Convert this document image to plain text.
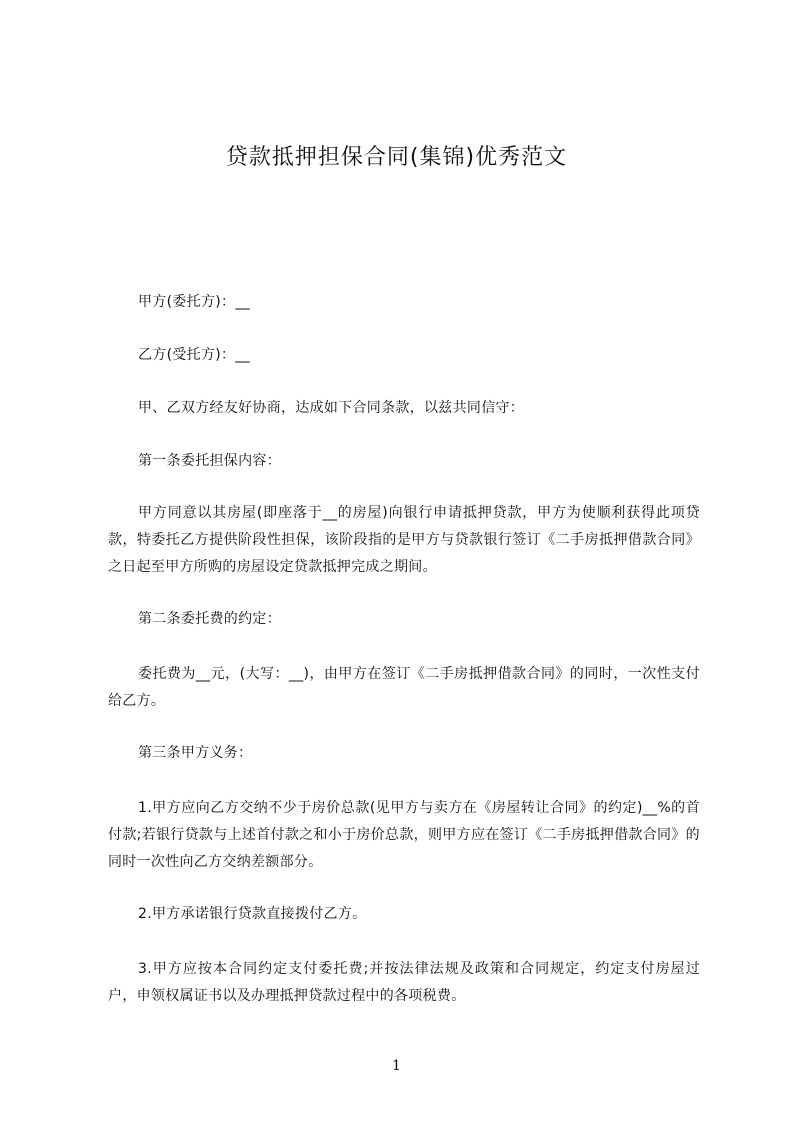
贷款抵押担保合同(集锦)优秀范文
甲方(委托方)：__
乙方(受托方)：__
甲、乙双方经友好协商，达成如下合同条款，以兹共同信守：
第一条委托担保内容：
甲方同意以其房屋(即座落于__的房屋)向银行申请抵押贷款，甲方为使顺利获得此项贷款，特委托乙方提供阶段性担保，该阶段指的是甲方与贷款银行签订《二手房抵押借款合同》之日起至甲方所购的房屋设定贷款抵押完成之期间。
第二条委托费的约定：
委托费为__元，(大写：__)，由甲方在签订《二手房抵押借款合同》的同时，一次性支付给乙方。
第三条甲方义务：
1.甲方应向乙方交纳不少于房价总款(见甲方与卖方在《房屋转让合同》的约定)__%的首付款;若银行贷款与上述首付款之和小于房价总款，则甲方应在签订《二手房抵押借款合同》的同时一次性向乙方交纳差额部分。
2.甲方承诺银行贷款直接拨付乙方。
3.甲方应按本合同约定支付委托费;并按法律法规及政策和合同规定，约定支付房屋过户，申领权属证书以及办理抵押贷款过程中的各项税费。
1
